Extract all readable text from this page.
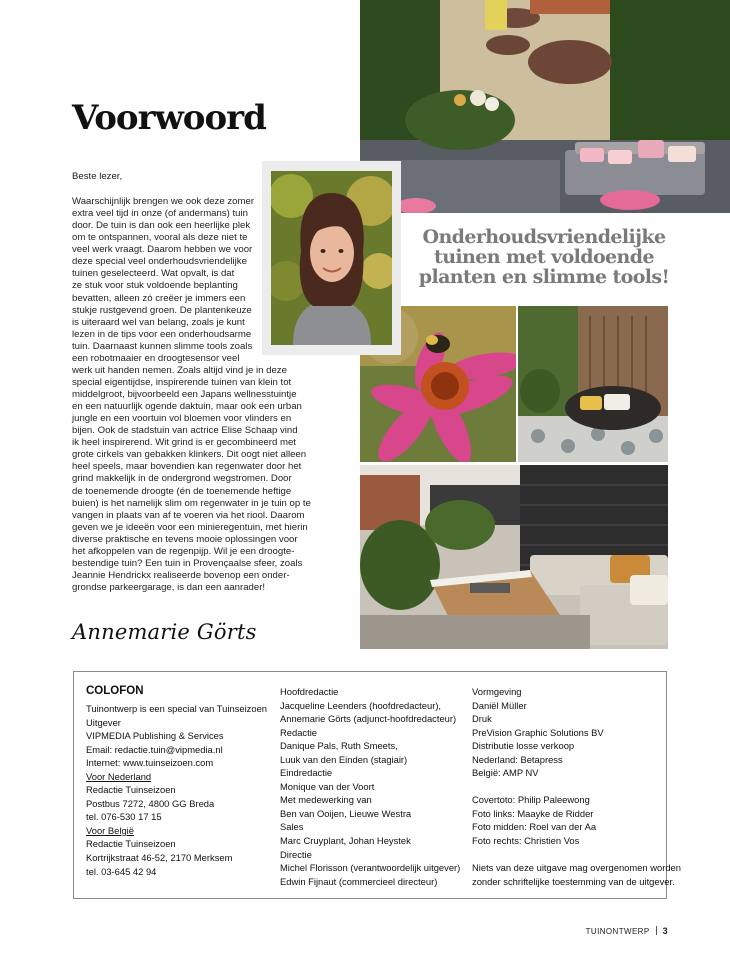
Voorwoord

Beste lezer,

Waarschijnlijk brengen we ook deze zomer
extra veel tijd in onze (of andermans) tuin
door. De tuin is dan ook een heerlijke plek
om te ontspannen, vooral als deze niet te
veel werk vraagt. Daarom hebben we voor
deze special veel onderhoudsvriendelijke
tuinen geselecteerd. Wat opvalt, is dat
ze stuk voor stuk voldoende beplanting
bevatten, alleen zó creëer je immers een
stukje rustgevend groen. De plantenkeuze
is uiteraard wel van belang, zoals je kunt
lezen in de tips voor een onderhoudsarme
tuin. Daarnaast kunnen slimme tools zoals
een robotmaaier en droogtesensor veel
werk uit handen nemen. Zoals altijd vind je in deze
special eigentijdse, inspirerende tuinen van klein tot
middelgroot, bijvoorbeeld een Japans wellnesstuintje
en een natuurlijk ogende daktuin, maar ook een urban
jungle en een voortuin vol bloemen voor vlinders en
bijen. Ook de stadstuin van actrice Elise Schaap vind
ik heel inspirerend. Wit grind is er gecombineerd met
grote cirkels van gebakken klinkers. Dit oogt niet alleen
heel speels, maar bovendien kan regenwater door het
grind makkelijk in de ondergrond wegstromen. Door
de toenemende droogte (én de toenemende heftige
buien) is het namelijk slim om regenwater in je tuin op te
vangen in plaats van af te voeren via het riool. Daarom
geven we je ideeën voor een minieregentuin, met hierin
diverse praktische en tevens mooie oplossingen voor
het afkoppelen van de regenpijp. Wil je een droogte-
bestendige tuin? Een tuin in Provençaalse sfeer, zoals
Jeannie Hendrickx realiseerde bovenop een onder-
grondse parkeergarage, is dan een aanrader!
Onderhoudsvriendelijke
tuinen met voldoende
planten en slimme tools!

Annemarie Görts

COLOFON
Tuinontwerp is een special van Tuinseizoen
Uitgever
VIPMEDIA Publishing & Services
Email: redactie.tuin@vipmedia.nl
Internet: www.tuinseizoen.com
Voor Nederland
Redactie Tuinseizoen
Postbus 7272, 4800 GG Breda
tel. 076-530 17 15
Voor België
Redactie Tuinseizoen
Kortrijkstraat 46-52, 2170 Merksem
tel. 03-645 42 94
Hoofdredactie
Jacqueline Leenders (hoofdredacteur),
Annemarie Görts (adjunct-hoofdredacteur)
Redactie
Danique Pals, Ruth Smeets,
Luuk van den Einden (stagiair)
Eindredactie
Monique van der Voort
Met medewerking van
Ben van Ooijen, Lieuwe Westra
Sales
Marc Cruyplant, Johan Heystek
Directie
Michel Florisson (verantwoordelijk uitgever)
Edwin Fijnaut (commercieel directeur)
Vormgeving
Daniël Müller
Druk
PreVision Graphic Solutions BV
Distributie losse verkoop
Nederland: Betapress
België: AMP NV
Covertoto: Philip Paleewong
Foto links: Maayke de Ridder
Foto midden: Roel van der Aa
Foto rechts: Christien Vos
Niets van deze uitgave mag overgenomen worden
zonder schriftelijke toestemming van de uitgever.
TUINONTWERP 3
